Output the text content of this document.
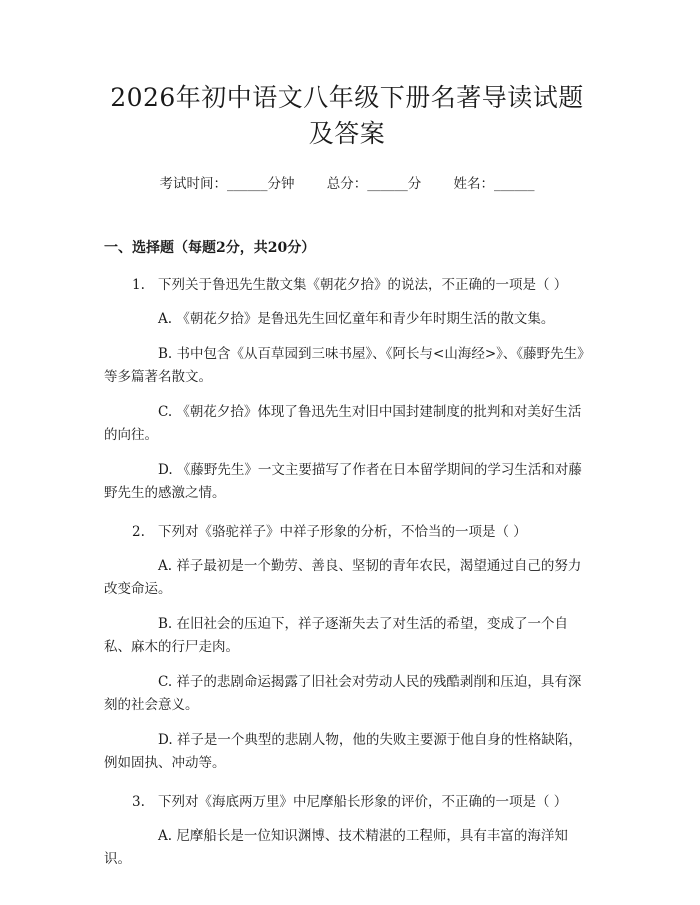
2026年初中语文八年级下册名著导读试题及答案
考试时间：______分钟 总分：______分 姓名：______
一、选择题（每题2分，共20分）
1. 下列关于鲁迅先生散文集《朝花夕拾》的说法，不正确的一项是（ ）
A. 《朝花夕拾》是鲁迅先生回忆童年和青少年时期生活的散文集。
B. 书中包含《从百草园到三味书屋》、《阿长与<山海经>》、《藤野先生》等多篇著名散文。
C. 《朝花夕拾》体现了鲁迅先生对旧中国封建制度的批判和对美好生活的向往。
D. 《藤野先生》一文主要描写了作者在日本留学期间的学习生活和对藤野先生的感激之情。
2. 下列对《骆驼祥子》中祥子形象的分析，不恰当的一项是（ ）
A. 祥子最初是一个勤劳、善良、坚韧的青年农民，渴望通过自己的努力改变命运。
B. 在旧社会的压迫下，祥子逐渐失去了对生活的希望，变成了一个自私、麻木的行尸走肉。
C. 祥子的悲剧命运揭露了旧社会对劳动人民的残酷剥削和压迫，具有深刻的社会意义。
D. 祥子是一个典型的悲剧人物，他的失败主要源于他自身的性格缺陷，例如固执、冲动等。
3. 下列对《海底两万里》中尼摩船长形象的评价，不正确的一项是（ ）
A. 尼摩船长是一位知识渊博、技术精湛的工程师，具有丰富的海洋知识。
